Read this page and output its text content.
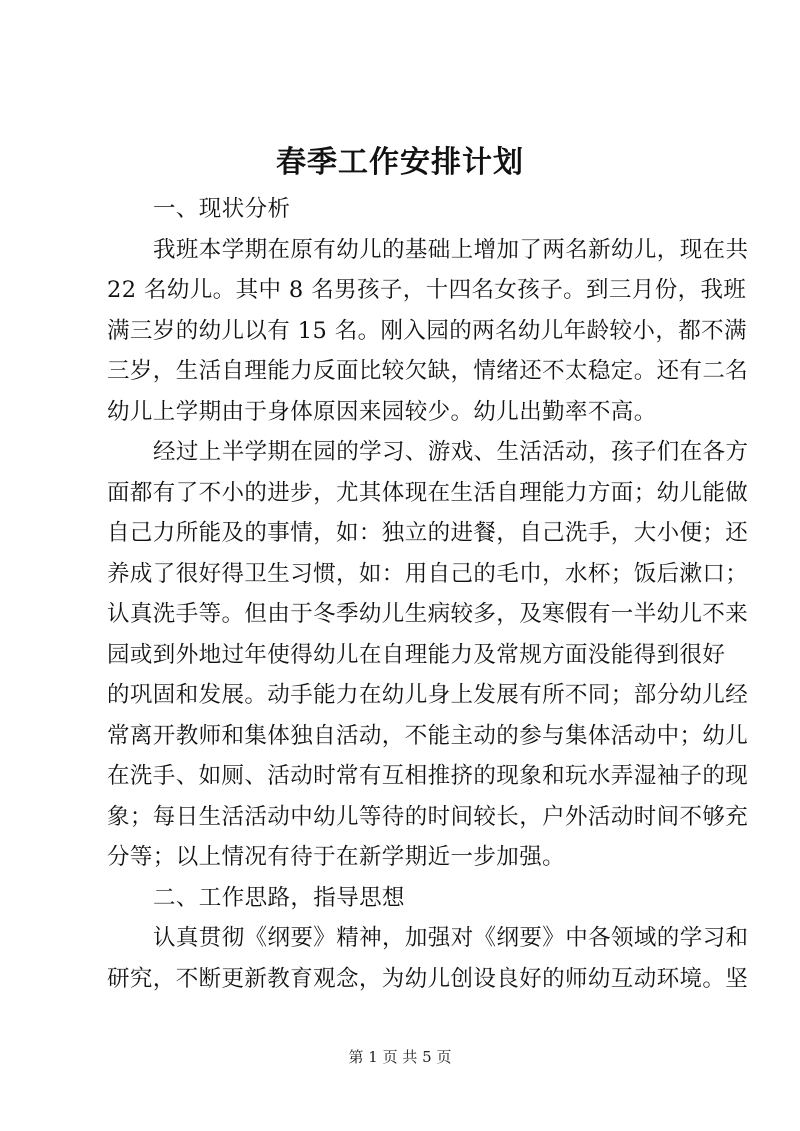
春季工作安排计划
一、现状分析
我班本学期在原有幼儿的基础上增加了两名新幼儿，现在共
22 名幼儿。其中 8 名男孩子，十四名女孩子。到三月份，我班
满三岁的幼儿以有 15 名。刚入园的两名幼儿年龄较小，都不满
三岁，生活自理能力反面比较欠缺，情绪还不太稳定。还有二名
幼儿上学期由于身体原因来园较少。幼儿出勤率不高。
经过上半学期在园的学习、游戏、生活活动，孩子们在各方
面都有了不小的进步，尤其体现在生活自理能力方面；幼儿能做
自己力所能及的事情，如：独立的进餐，自己洗手，大小便；还
养成了很好得卫生习惯，如：用自己的毛巾，水杯；饭后漱口；
认真洗手等。但由于冬季幼儿生病较多，及寒假有一半幼儿不来
园或到外地过年使得幼儿在自理能力及常规方面没能得到很好
的巩固和发展。动手能力在幼儿身上发展有所不同；部分幼儿经
常离开教师和集体独自活动，不能主动的参与集体活动中；幼儿
在洗手、如厕、活动时常有互相推挤的现象和玩水弄湿袖子的现
象；每日生活活动中幼儿等待的时间较长，户外活动时间不够充
分等；以上情况有待于在新学期近一步加强。
二、工作思路，指导思想
认真贯彻《纲要》精神，加强对《纲要》中各领域的学习和
研究，不断更新教育观念，为幼儿创设良好的师幼互动环境。坚
第 1 页 共 5 页
